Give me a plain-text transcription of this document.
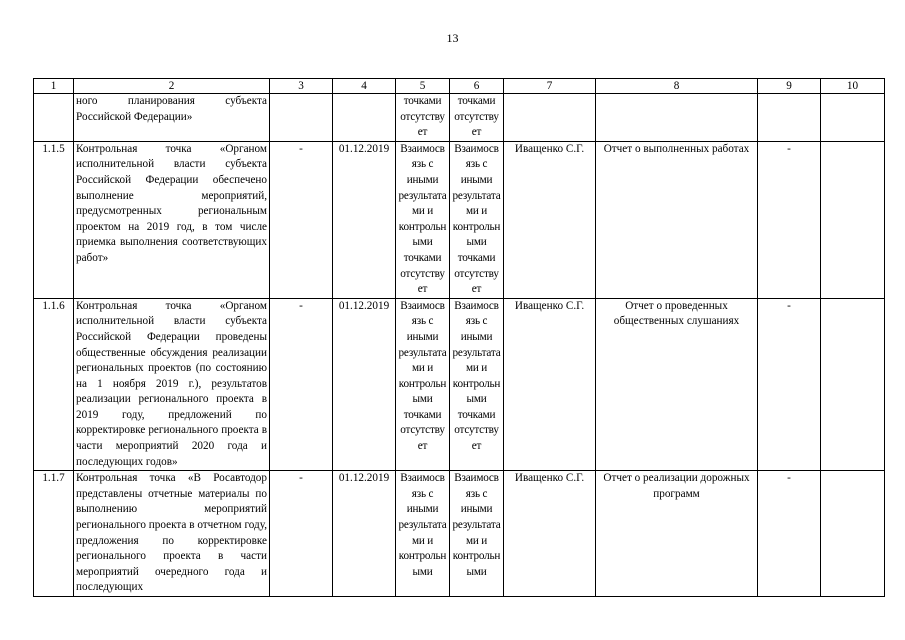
13
1	2	3	4	5	6	7	8	9	10
	ного планирования субъекта Российской Федерации»			точками отсутствует	точками отсутствует				
1.1.5	Контрольная точка «Органом исполнительной власти субъекта Российской Федерации обеспечено выполнение мероприятий, предусмотренных региональным проектом на 2019 год, в том числе приемка выполнения соответствующих работ»	-	01.12.2019	Взаимосвязь с иными результатами и контрольными точками отсутствует	Взаимосвязь с иными результатами и контрольными точками отсутствует	Иващенко С.Г.	Отчет о выполненных работах	-	
1.1.6	Контрольная точка «Органом исполнительной власти субъекта Российской Федерации проведены общественные обсуждения реализации региональных проектов (по состоянию на 1 ноября 2019 г.), результатов реализации регионального проекта в 2019 году, предложений по корректировке регионального проекта в части мероприятий 2020 года и последующих годов»	-	01.12.2019	Взаимосвязь с иными результатами и контрольными точками отсутствует	Взаимосвязь с иными результатами и контрольными точками отсутствует	Иващенко С.Г.	Отчет о проведенных общественных слушаниях	-	
1.1.7	Контрольная точка «В Росавтодор представлены отчетные материалы по выполнению мероприятий регионального проекта в отчетном году, предложения по корректировке регионального проекта в части мероприятий очередного года и последующих	-	01.12.2019	Взаимосвязь с иными результатами и контрольными	Взаимосвязь с иными результатами и контрольными	Иващенко С.Г.	Отчет о реализации дорожных программ	-	
